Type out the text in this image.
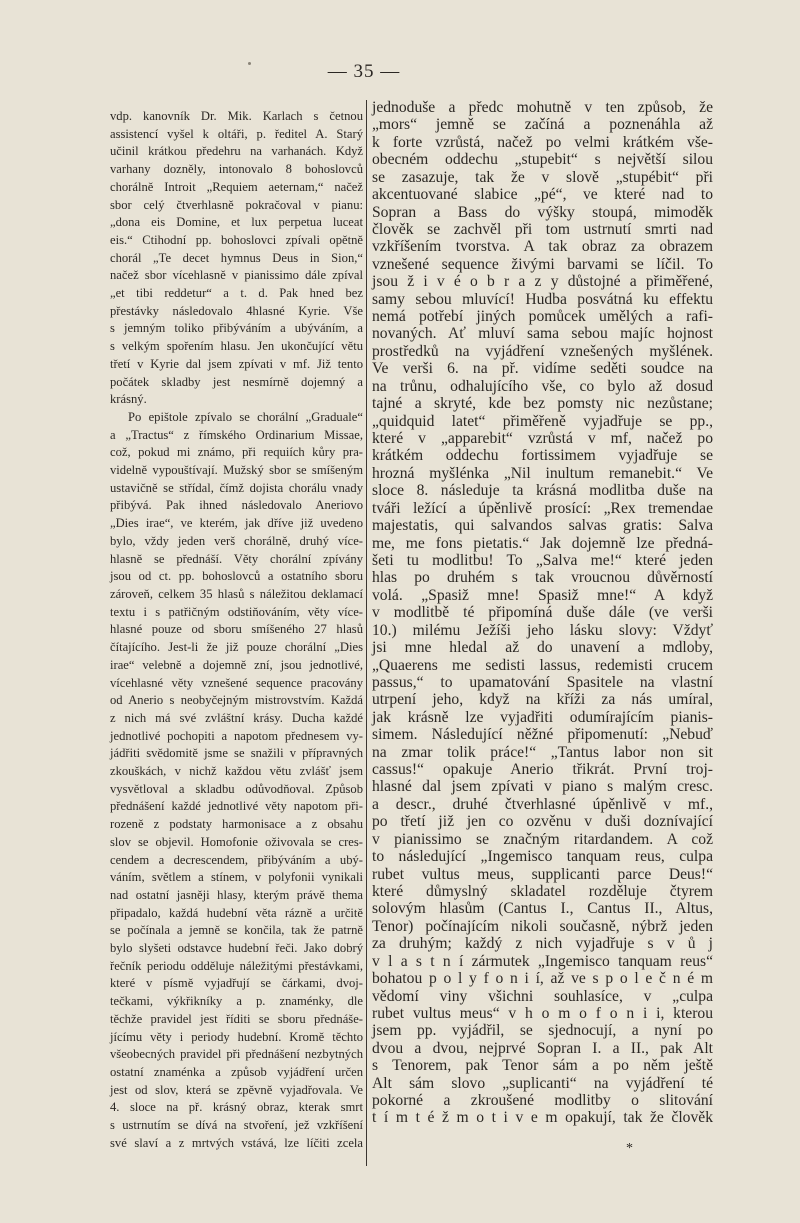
— 35 —
vdp. kanovník Dr. Mik. Karlach s četnou
assistencí vyšel k oltáři, p. ředitel A. Starý
učinil krátkou předehru na varhanách. Když
varhany dozněly, intonovalo 8 bohoslovců
chorálně Introit „Requiem aeternam,“ načež
sbor celý čtverhlasně pokračoval v pianu:
„dona eis Domine, et lux perpetua luceat
eis.“ Ctihodní pp. bohoslovci zpívali opětně
chorál „Te decet hymnus Deus in Sion,“
načež sbor vícehlasně v pianissimo dále zpíval
„et tibi reddetur“ a t. d. Pak hned bez
přestávky následovalo 4hlasné Kyrie. Vše
s jemným toliko přibýváním a ubýváním, a
s velkým spořením hlasu. Jen ukončující větu
třetí v Kyrie dal jsem zpívati v mf. Již tento
počátek skladby jest nesmírně dojemný a
krásný.
Po epištole zpívalo se chorální „Graduale“
a „Tractus“ z římského Ordinarium Missae,
což, pokud mi známo, při requiích kůry pra-
videlně vypouštívají. Mužský sbor se smíšeným
ustavičně se střídal, čímž dojista chorálu vnady
přibývá. Pak ihned následovalo Aneriovo
„Dies irae“, ve kterém, jak dříve již uvedeno
bylo, vždy jeden verš chorálně, druhý více-
hlasně se přednáší. Věty chorální zpívány
jsou od ct. pp. bohoslovců a ostatního sboru
zároveň, celkem 35 hlasů s náležitou deklamací
textu i s patřičným odstiňováním, věty více-
hlasné pouze od sboru smíšeného 27 hlasů
čítajícího. Jest-li že již pouze chorální „Dies
irae“ velebně a dojemně zní, jsou jednotlivé,
vícehlasné věty vznešené sequence pracovány
od Anerio s neobyčejným mistrovstvím. Každá
z nich má své zvláštní krásy. Ducha každé
jednotlivé pochopiti a napotom přednesem vy-
jádřiti svědomitě jsme se snažili v přípravných
zkouškách, v nichž každou větu zvlášť jsem
vysvětloval a skladbu odůvodňoval. Způsob
přednášení každé jednotlivé věty napotom při-
rozeně z podstaty harmonisace a z obsahu
slov se objevil. Homofonie oživovala se cres-
cendem a decrescendem, přibýváním a ubý-
váním, světlem a stínem, v polyfonii vynikali
nad ostatní jasněji hlasy, kterým právě thema
připadalo, každá hudební věta rázně a určitě
se počínala a jemně se končila, tak že patrně
bylo slyšeti odstavce hudební řeči. Jako dobrý
řečník periodu odděluje náležitými přestávkami,
které v písmě vyjadřují se čárkami, dvoj-
tečkami, výkřikníky a p. znaménky, dle
těchže pravidel jest říditi se sboru přednáše-
jícímu věty i periody hudební. Kromě těchto
všeobecných pravidel při přednášení nezbytných
ostatní znaménka a způsob vyjádření určen
jest od slov, která se zpěvně vyjadřovala. Ve
4. sloce na př. krásný obraz, kterak smrt
s ustrnutím se dívá na stvoření, jež vzkříšení
své slaví a z mrtvých vstává, lze líčiti zcela
jednoduše a předc mohutně v ten způsob, že
„mors“ jemně se začíná a poznenáhla až
k forte vzrůstá, načež po velmi krátkém vše-
obecném oddechu „stupebit“ s největší silou
se zasazuje, tak že v slově „stupébit“ při
akcentuované slabice „pé“, ve které nad to
Sopran a Bass do výšky stoupá, mimoděk
člověk se zachvěl při tom ustrnutí smrti nad
vzkříšením tvorstva. A tak obraz za obrazem
vznešené sequence živými barvami se líčil. To
jsou ž i v é o b r a z y důstojné a přiměřené,
samy sebou mluvící! Hudba posvátná ku effektu
nemá potřebí jiných pomůcek umělých a rafi-
novaných. Ať mluví sama sebou majíc hojnost
prostředků na vyjádření vznešených myšlének.
Ve verši 6. na př. vidíme seděti soudce na
na trůnu, odhalujícího vše, co bylo až dosud
tajné a skryté, kde bez pomsty nic nezůstane;
„quidquid latet“ přiměřeně vyjadřuje se pp.,
které v „apparebit“ vzrůstá v mf, načež po
krátkém oddechu fortissimem vyjadřuje se
hrozná myšlénka „Nil inultum remanebit.“ Ve
sloce 8. následuje ta krásná modlitba duše na
tváři ležící a úpěnlivě prosící: „Rex tremendae
majestatis, qui salvandos salvas gratis: Salva
me, me fons pietatis.“ Jak dojemně lze předná-
šeti tu modlitbu! To „Salva me!“ které jeden
hlas po druhém s tak vroucnou důvěrností
volá. „Spasiž mne! Spasiž mne!“ A když
v modlitbě té připomíná duše dále (ve verši
10.) milému Ježíši jeho lásku slovy: Vždyť
jsi mne hledal až do unavení a mdloby,
„Quaerens me sedisti lassus, redemisti crucem
passus,“ to upamatování Spasitele na vlastní
utrpení jeho, když na kříži za nás umíral,
jak krásně lze vyjadřiti odumírajícím pianis-
simem. Následující něžné připomenutí: „Nebuď
na zmar tolik práce!“ „Tantus labor non sit
cassus!“ opakuje Anerio třikrát. První troj-
hlasné dal jsem zpívati v piano s malým cresc.
a descr., druhé čtverhlasné úpěnlivě v mf.,
po třetí již jen co ozvěnu v duši doznívající
v pianissimo se značným ritardandem. A což
to následující „Ingemisco tanquam reus, culpa
rubet vultus meus, supplicanti parce Deus!“
které důmyslný skladatel rozděluje čtyrem
solovým hlasům (Cantus I., Cantus II., Altus,
Tenor) počínajícím nikoli současně, nýbrž jeden
za druhým; každý z nich vyjadřuje s v ů j
v l a s t n í zármutek „Ingemisco tanquam reus“
bohatou p o l y f o n i í, až ve s p o l e č n é m
vědomí viny všichni souhlasíce, v „culpa
rubet vultus meus“ v h o m o f o n i i, kterou
jsem pp. vyjádřil, se sjednocují, a nyní po
dvou a dvou, nejprvé Sopran I. a II., pak Alt
s Tenorem, pak Tenor sám a po něm ještě
Alt sám slovo „suplicanti“ na vyjádření té
pokorné a zkroušené modlitby o slitování
t í m t é ž m o t i v e m opakují, tak že člověk
*
